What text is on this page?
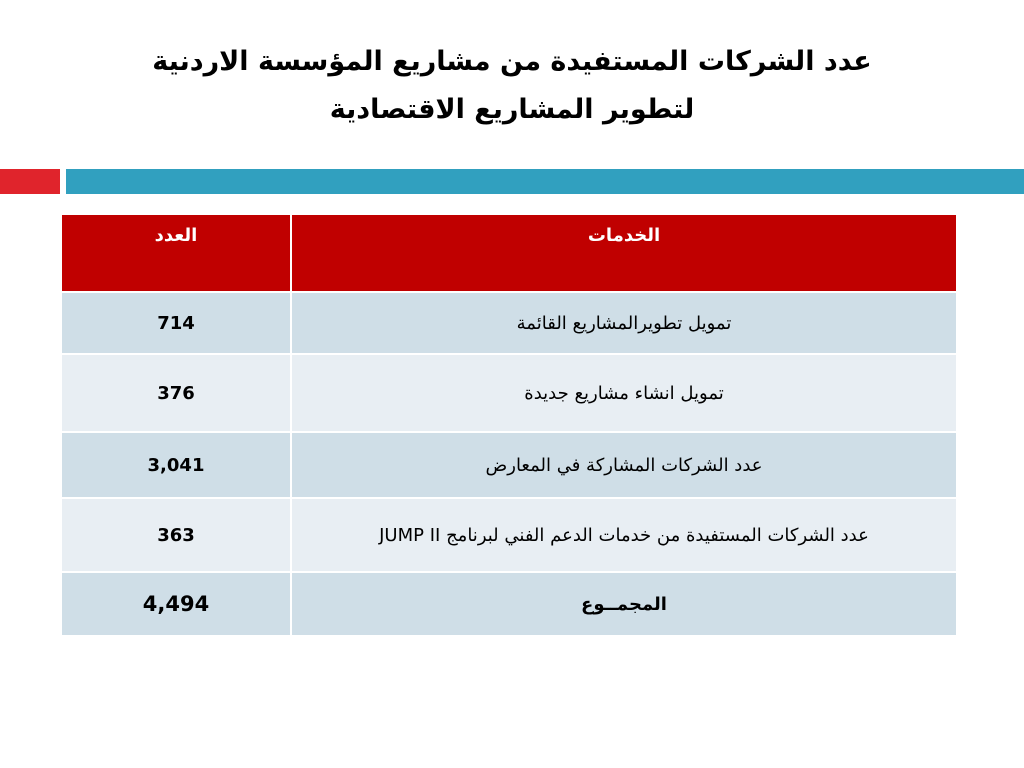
عدد الشركات المستفيدة من مشاريع المؤسسة الاردنية
لتطوير المشاريع الاقتصادية
العدد	الخدمات
714	تمويل تطويرالمشاريع القائمة
376	تمويل انشاء مشاريع جديدة
3,041	عدد الشركات المشاركة في المعارض
363	عدد الشركات المستفيدة من خدمات الدعم الفني لبرنامج JUMP II
4,494	المجمــوع
